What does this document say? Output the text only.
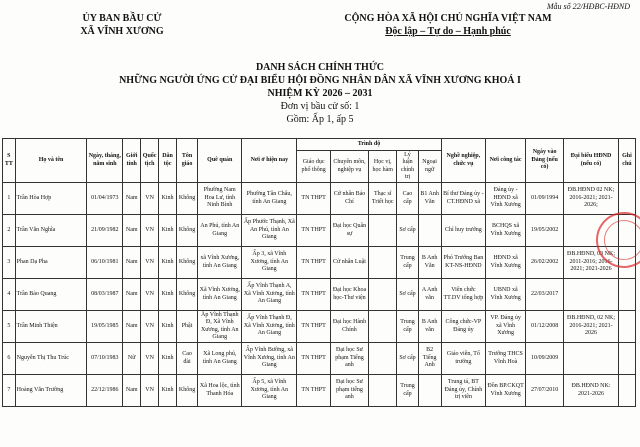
Mẫu số 22/HĐBC-HĐND
ỦY BAN BẦU CỬ
XÃ VĨNH XƯƠNG
CỘNG HÒA XÃ HỘI CHỦ NGHĨA VIỆT NAM
Độc lập – Tự do – Hạnh phúc
DANH SÁCH CHÍNH THỨC
NHỮNG NGƯỜI ỨNG CỬ ĐẠI BIỂU HỘI ĐỒNG NHÂN DÂN XÃ VĨNH XƯƠNG KHOÁ I
NHIỆM KỲ 2026 – 2031
Đơn vị bầu cử số: 1
Gồm: Ấp 1, ấp 5
S TT	Họ và tên	Ngày, tháng, năm sinh	Giới tính	Quốc tịch	Dân tộc	Tôn giáo	Quê quán	Nơi ở hiện nay	Trình độ					Nghề nghiệp, chức vụ	Nơi công tác	Ngày vào Đảng (nếu có)	Đại biểu HĐND (nếu có)	Ghi chú
									Giáo dục phổ thông	Chuyên môn, nghiệp vụ	Học vị, học hàm	Lý luận chính trị	Ngoại ngữ					
1	Trần Hòa Hợp	01/04/1973	Nam	VN	Kinh	Không	Phường Nam Hoa Lư, tỉnh Ninh Bình	Phường Tân Châu, tỉnh An Giang	TN THPT	Cử nhân Báo Chí	Thạc sĩ Triết học	Cao cấp	B1 Anh Văn	Bí thư Đảng ủy - CT.HĐND xã	Đảng ủy - HĐND xã Vĩnh Xương	01/09/1994	ĐB.HĐND 02 NK; 2016-2021; 2021-2026;	
2	Trần Văn Nghĩa	21/09/1982	Nam	VN	Kinh	Không	An Phú, tỉnh An Giang	Ấp Phước Thạnh, Xã An Phú, tỉnh An Giang	TN THPT	Đại học Quân sự		Sơ cấp		Chỉ huy trưởng	BCHQS xã Vĩnh Xương	19/05/2002		
3	Phan Dạ Pha	06/10/1981	Nam	VN	Kinh	Không	xã Vĩnh Xương, tỉnh An Giang	Ấp 3, xã Vĩnh Xương, tỉnh An Giang	TN THPT	Cử nhân Luật		Trung cấp	B Anh Văn	Phó Trưởng Ban KT-NS-HĐND	HĐND xã Vĩnh Xương	26/02/2002	ĐB.HĐND, 03 NK; 2011-2016; 2016-2021; 2021-2026	
4	Trần Bảo Quang	08/03/1987	Nam	VN	Kinh	Không	Xã Vĩnh Xương, tỉnh An Giang	Ấp Vĩnh Thạnh A, Xã Vĩnh Xương, tỉnh An Giang	TN THPT	Đại học Khoa học-Thư viện		Sơ cấp	A Anh văn	Viên chức TT.DV tổng hợp	UBND xã Vĩnh Xương	22/03/2017		
5	Trần Minh Thiện	19/05/1985	Nam	VN	Kinh	Phật	Ấp Vĩnh Thạnh Đ, Xã Vĩnh Xương, tỉnh An Giang	Ấp Vĩnh Thạnh Đ, Xã Vĩnh Xương, tỉnh An Giang	TN THPT	Đại học Hành Chính		Trung cấp	B Anh văn	Công chức-VP Đảng ủy	VP. Đảng ủy xã Vĩnh Xương	01/12/2008	ĐB.HĐND, 02 NK; 2016-2021; 2021-2026	
6	Nguyễn Thị Thu Trúc	07/10/1983	Nữ	VN	Kinh	Cao đài	Xã Long phú, tỉnh An Giang	Ấp Vĩnh Bường, xã Vĩnh Xương, tỉnh An Giang	TN THPT	Đại học Sư phạm Tiếng anh		Sơ cấp	B2 Tiếng Anh	Giáo viên, Tổ trưởng	Trường THCS Vĩnh Hoà	10/09/2009		
7	Hoàng Văn Trường	22/12/1986	Nam	VN	Kinh	Không	Xã Hoa lộc, tỉnh Thanh Hóa	Ấp 5, xã Vĩnh Xương, tỉnh An Giang	TN THPT	Đại học Sư phạm tiếng anh		Trung cấp		Trung tá, BT Đảng ủy, Chính trị viên	Đồn BP.CKQT Vĩnh Xương	27/07/2010	ĐB.HĐND NK: 2021-2026	
